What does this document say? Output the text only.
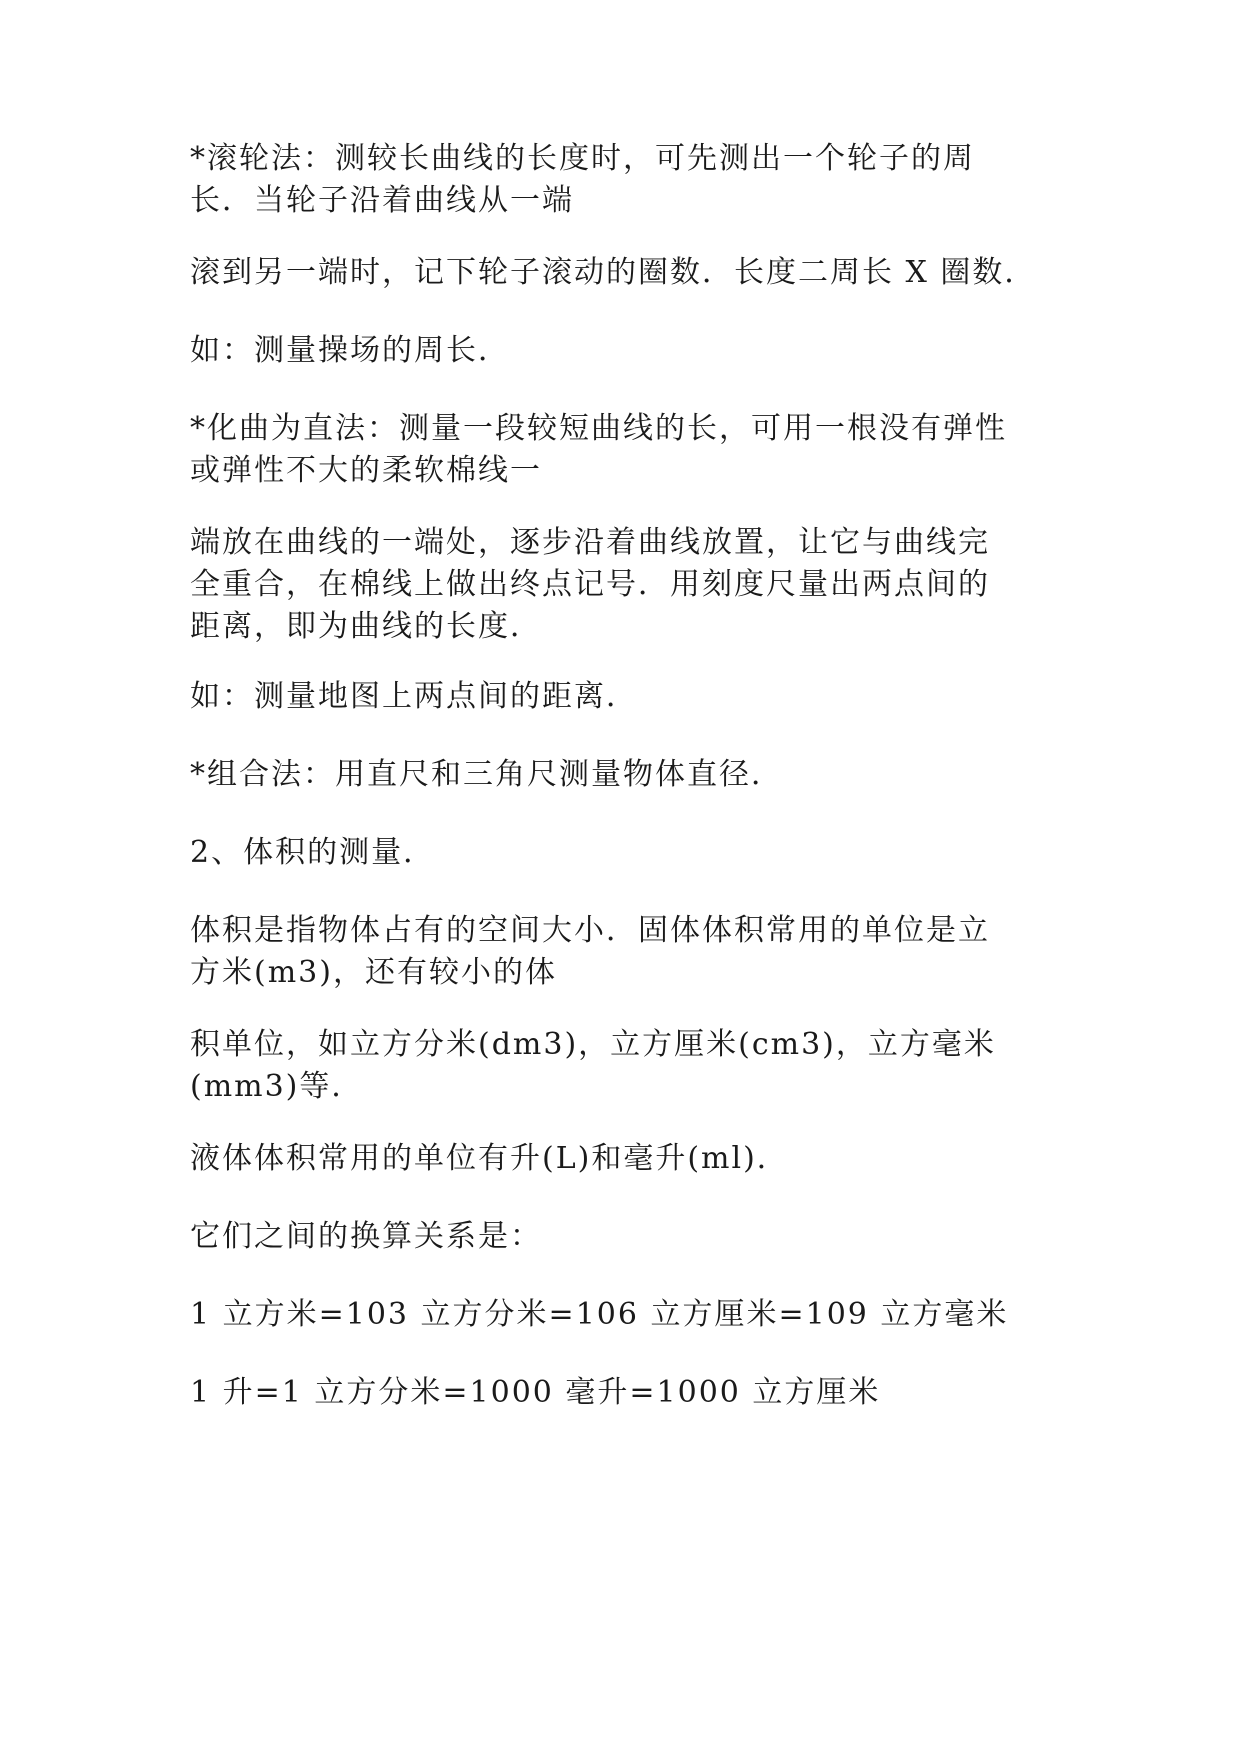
*滚轮法：测较长曲线的长度时，可先测出一个轮子的周
长．当轮子沿着曲线从一端
滚到另一端时，记下轮子滚动的圈数．长度二周长 X 圈数．
如：测量操场的周长．
*化曲为直法：测量一段较短曲线的长，可用一根没有弹性
或弹性不大的柔软棉线一
端放在曲线的一端处，逐步沿着曲线放置，让它与曲线完
全重合，在棉线上做出终点记号．用刻度尺量出两点间的
距离，即为曲线的长度．
如：测量地图上两点间的距离．
*组合法：用直尺和三角尺测量物体直径．
2、体积的测量．
体积是指物体占有的空间大小．固体体积常用的单位是立
方米(m3)，还有较小的体
积单位，如立方分米(dm3)，立方厘米(cm3)，立方毫米
(mm3)等．
液体体积常用的单位有升(L)和毫升(ml)．
它们之间的换算关系是：
1 立方米=103 立方分米=106 立方厘米=109 立方毫米
1 升=1 立方分米=1000 毫升=1000 立方厘米
